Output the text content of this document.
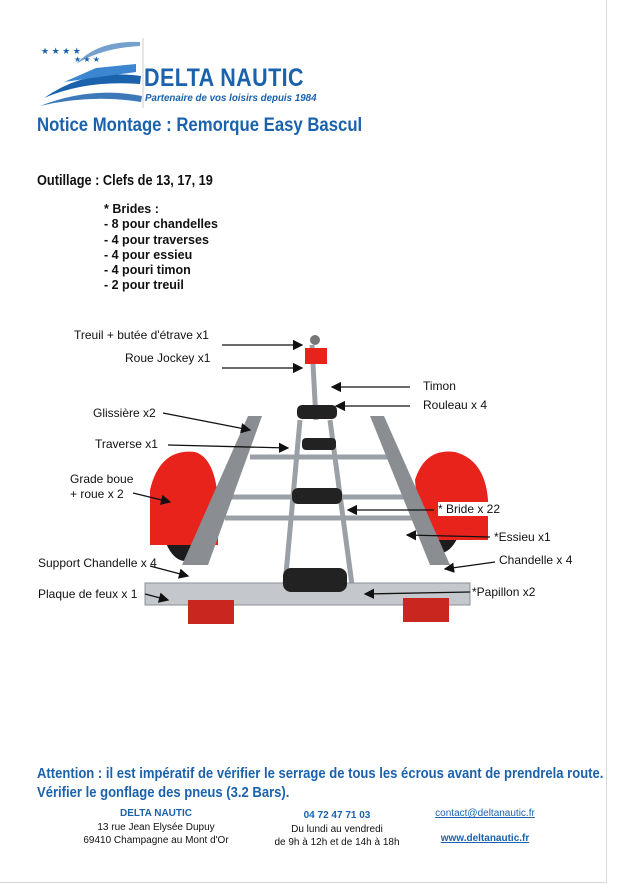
★ ★ ★ ★
★ ★ ★
DELTA NAUTIC
Partenaire de vos loisirs depuis 1984
Notice Montage : Remorque Easy Bascul
Outillage : Clefs de 13, 17, 19
* Brides :
- 8 pour chandelles
- 4 pour traverses
- 4 pour essieu
- 4 pouri timon
- 2 pour treuil
Treuil + butée d'étrave x1
Roue Jockey x1
Timon
Rouleau x 4
Glissière x2
Traverse x1
Grade boue
+ roue x 2
* Bride x 22
*Essieu x1
Support Chandelle x 4	Chandelle x 4
Plaque de feux x 1	*Papillon x2
Attention : il est impératif de vérifier le serrage de tous les écrous avant de prendrela route.
Vérifier le gonflage des pneus (3.2 Bars).
DELTA NAUTIC
13 rue Jean Elysée Dupuy
69410 Champagne au Mont d'Or
04 72 47 71 03
Du lundi au vendredi
de 9h à 12h et de 14h à 18h
contact@deltanautic.fr
www.deltanautic.fr
